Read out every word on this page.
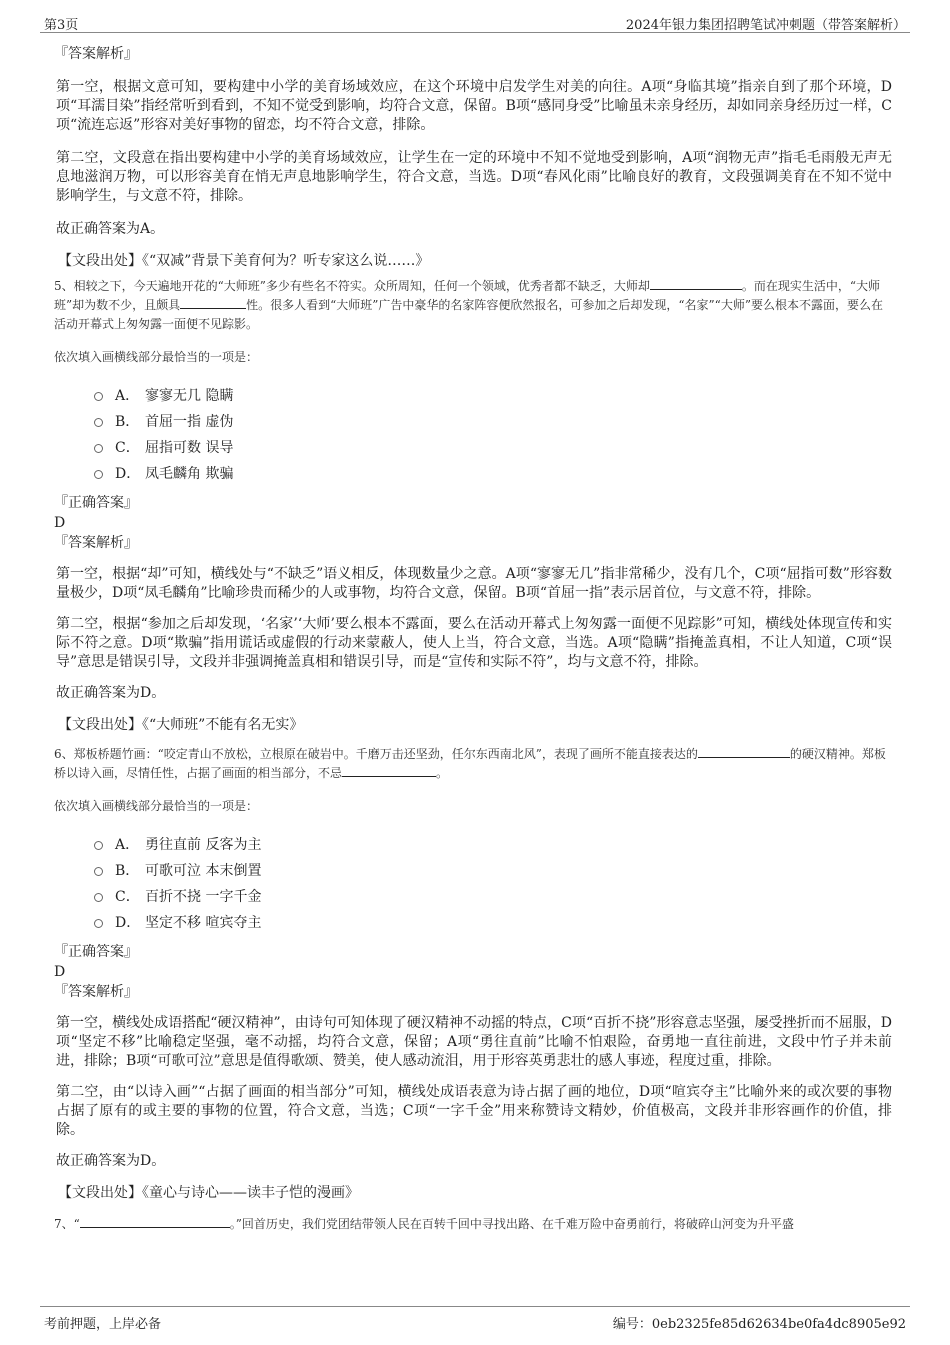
第3页	2024年银力集团招聘笔试冲刺题（带答案解析）

『答案解析』

第一空，根据文意可知，要构建中小学的美育场域效应，在这个环境中启发学生对美的向往。A项“身临其境”指亲自到了那个环境，D项“耳濡目染”指经常听到看到，不知不觉受到影响，均符合文意，保留。B项“感同身受”比喻虽未亲身经历，却如同亲身经历过一样，C项“流连忘返”形容对美好事物的留恋，均不符合文意，排除。

第二空，文段意在指出要构建中小学的美育场域效应，让学生在一定的环境中不知不觉地受到影响，A项“润物无声”指毛毛雨般无声无息地滋润万物，可以形容美育在悄无声息地影响学生，符合文意，当选。D项“春风化雨”比喻良好的教育，文段强调美育在不知不觉中影响学生，与文意不符，排除。

故正确答案为A。

【文段出处】《“双减”背景下美育何为？听专家这么说……》

5、相较之下，今天遍地开花的“大师班”多少有些名不符实。众所周知，任何一个领域，优秀者都不缺乏，大师却	。而在现实生活中，“大师班”却为数不少，且颇具	性。很多人看到“大师班”广告中豪华的名家阵容便欣然报名，可参加之后却发现，“名家”“大师”要么根本不露面，要么在活动开幕式上匆匆露一面便不见踪影。

依次填入画横线部分最恰当的一项是：

A． 寥寥无几 隐瞒
B． 首屈一指 虚伪
C． 屈指可数 误导
D． 凤毛麟角 欺骗

『正确答案』

D

『答案解析』

第一空，根据“却”可知，横线处与“不缺乏”语义相反，体现数量少之意。A项“寥寥无几”指非常稀少，没有几个，C项“屈指可数”形容数量极少，D项“凤毛麟角”比喻珍贵而稀少的人或事物，均符合文意，保留。B项“首屈一指”表示居首位，与文意不符，排除。

第二空，根据“参加之后却发现，‘名家’‘大师’要么根本不露面，要么在活动开幕式上匆匆露一面便不见踪影”可知，横线处体现宣传和实际不符之意。D项“欺骗”指用谎话或虚假的行动来蒙蔽人，使人上当，符合文意，当选。A项“隐瞒”指掩盖真相，不让人知道，C项“误导”意思是错误引导，文段并非强调掩盖真相和错误引导，而是“宣传和实际不符”，均与文意不符，排除。

故正确答案为D。

【文段出处】《“大师班”不能有名无实》

6、郑板桥题竹画：“咬定青山不放松，立根原在破岩中。千磨万击还坚劲，任尔东西南北风”，表现了画所不能直接表达的	的硬汉精神。郑板桥以诗入画，尽情任性，占据了画面的相当部分，不忌	。

依次填入画横线部分最恰当的一项是：

A． 勇往直前 反客为主
B． 可歌可泣 本末倒置
C． 百折不挠 一字千金
D． 坚定不移 喧宾夺主

『正确答案』

D

『答案解析』

第一空，横线处成语搭配“硬汉精神”，由诗句可知体现了硬汉精神不动摇的特点，C项“百折不挠”形容意志坚强，屡受挫折而不屈服，D项“坚定不移”比喻稳定坚强，毫不动摇，均符合文意，保留；A项“勇往直前”比喻不怕艰险，奋勇地一直往前进，文段中竹子并未前进，排除；B项“可歌可泣”意思是值得歌颂、赞美，使人感动流泪，用于形容英勇悲壮的感人事迹，程度过重，排除。

第二空，由“以诗入画”“占据了画面的相当部分”可知，横线处成语表意为诗占据了画的地位，D项“喧宾夺主”比喻外来的或次要的事物占据了原有的或主要的事物的位置，符合文意，当选；C项“一字千金”用来称赞诗文精妙，价值极高，文段并非形容画作的价值，排除。

故正确答案为D。

【文段出处】《童心与诗心——读丰子恺的漫画》

7、“	。”回首历史，我们党团结带领人民在百转千回中寻找出路、在千难万险中奋勇前行，将破碎山河变为升平盛

考前押题，上岸必备	编号：0eb2325fe85d62634be0fa4dc8905e92
